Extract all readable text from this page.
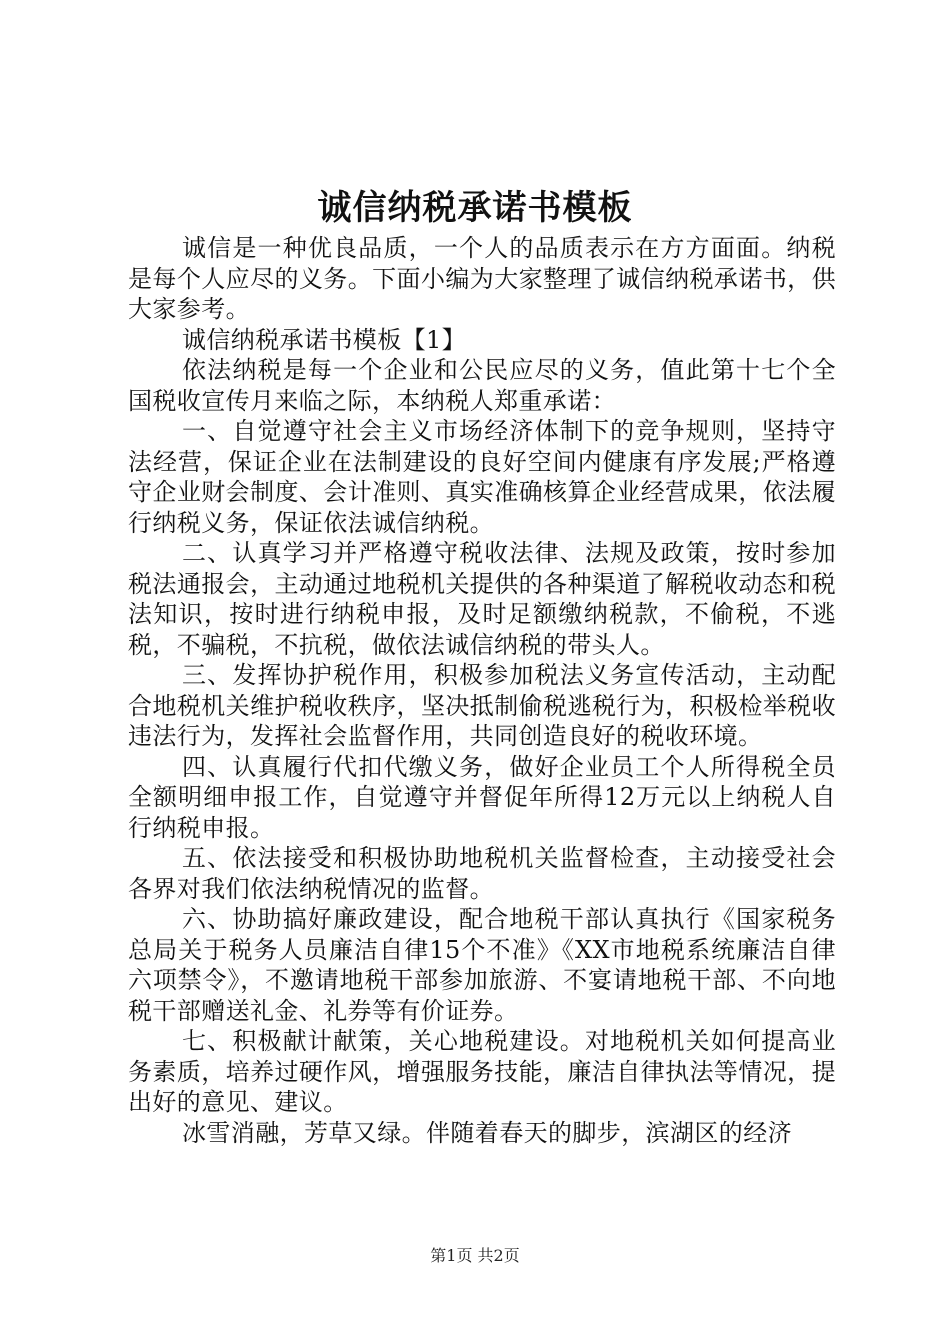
诚信纳税承诺书模板

诚信是一种优良品质，一个人的品质表示在方方面面。纳税是每个人应尽的义务。下面小编为大家整理了诚信纳税承诺书，供大家参考。

诚信纳税承诺书模板【1】

依法纳税是每一个企业和公民应尽的义务，值此第十七个全国税收宣传月来临之际，本纳税人郑重承诺：

一、自觉遵守社会主义市场经济体制下的竞争规则，坚持守法经营，保证企业在法制建设的良好空间内健康有序发展;严格遵守企业财会制度、会计准则、真实准确核算企业经营成果，依法履行纳税义务，保证依法诚信纳税。

二、认真学习并严格遵守税收法律、法规及政策，按时参加税法通报会，主动通过地税机关提供的各种渠道了解税收动态和税法知识，按时进行纳税申报，及时足额缴纳税款，不偷税，不逃税，不骗税，不抗税，做依法诚信纳税的带头人。

三、发挥协护税作用，积极参加税法义务宣传活动，主动配合地税机关维护税收秩序，坚决抵制偷税逃税行为，积极检举税收违法行为，发挥社会监督作用，共同创造良好的税收环境。

四、认真履行代扣代缴义务，做好企业员工个人所得税全员全额明细申报工作，自觉遵守并督促年所得12万元以上纳税人自行纳税申报。

五、依法接受和积极协助地税机关监督检查，主动接受社会各界对我们依法纳税情况的监督。

六、协助搞好廉政建设，配合地税干部认真执行《国家税务总局关于税务人员廉洁自律15个不准》《XX市地税系统廉洁自律六项禁令》，不邀请地税干部参加旅游、不宴请地税干部、不向地税干部赠送礼金、礼券等有价证券。

七、积极献计献策，关心地税建设。对地税机关如何提高业务素质，培养过硬作风，增强服务技能，廉洁自律执法等情况，提出好的意见、建议。

冰雪消融，芳草又绿。伴随着春天的脚步，滨湖区的经济

第1页 共2页
